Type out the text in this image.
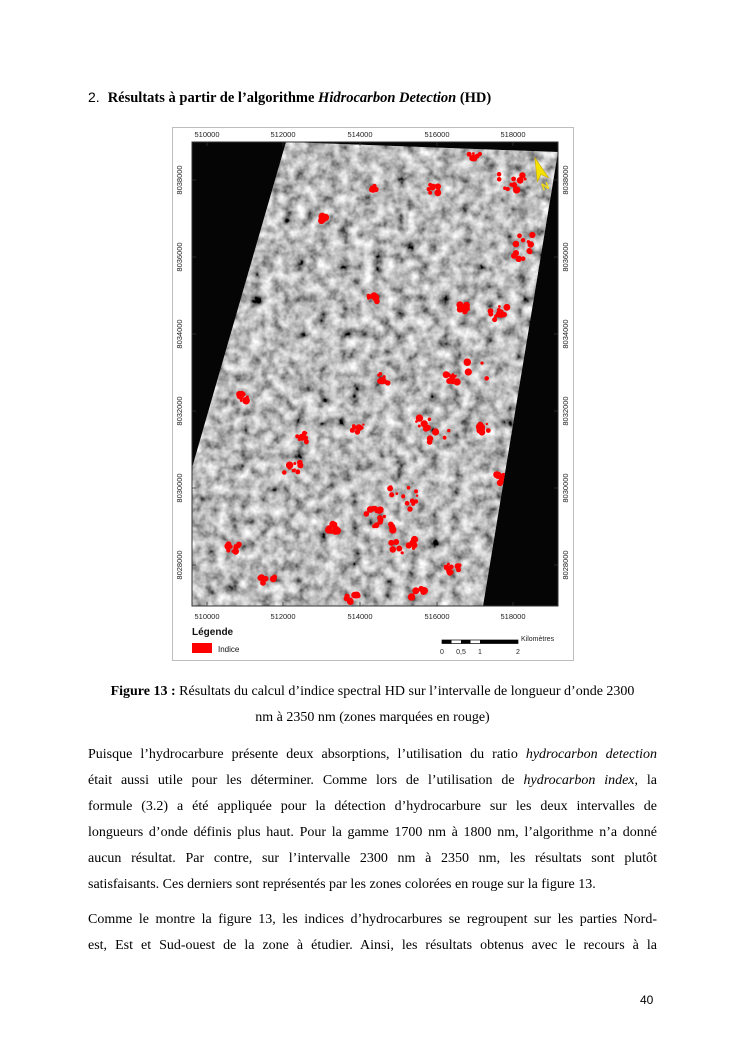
2. Résultats à partir de l’algorithme Hidrocarbon Detection (HD)
510000	512000	514000	516000	518000
510000	512000	514000	516000	518000
8038000
8036000
8034000
8032000
8030000
8028000
8038000
8036000
8034000
8032000
8030000
8028000
N
Légende
Indice
Kilomètres
0 0,5 1	2
Figure 13 : Résultats du calcul d’indice spectral HD sur l’intervalle de longueur d’onde 2300
nm à 2350 nm (zones marquées en rouge)
Puisque l’hydrocarbure présente deux absorptions, l’utilisation du ratio hydrocarbon detection
était aussi utile pour les déterminer. Comme lors de l’utilisation de hydrocarbon index, la
formule (3.2) a été appliquée pour la détection d’hydrocarbure sur les deux intervalles de
longueurs d’onde définis plus haut. Pour la gamme 1700 nm à 1800 nm, l’algorithme n’a donné
aucun résultat. Par contre, sur l’intervalle 2300 nm à 2350 nm, les résultats sont plutôt
satisfaisants. Ces derniers sont représentés par les zones colorées en rouge sur la figure 13.
Comme le montre la figure 13, les indices d’hydrocarbures se regroupent sur les parties Nord-
est, Est et Sud-ouest de la zone à étudier. Ainsi, les résultats obtenus avec le recours à la
40
